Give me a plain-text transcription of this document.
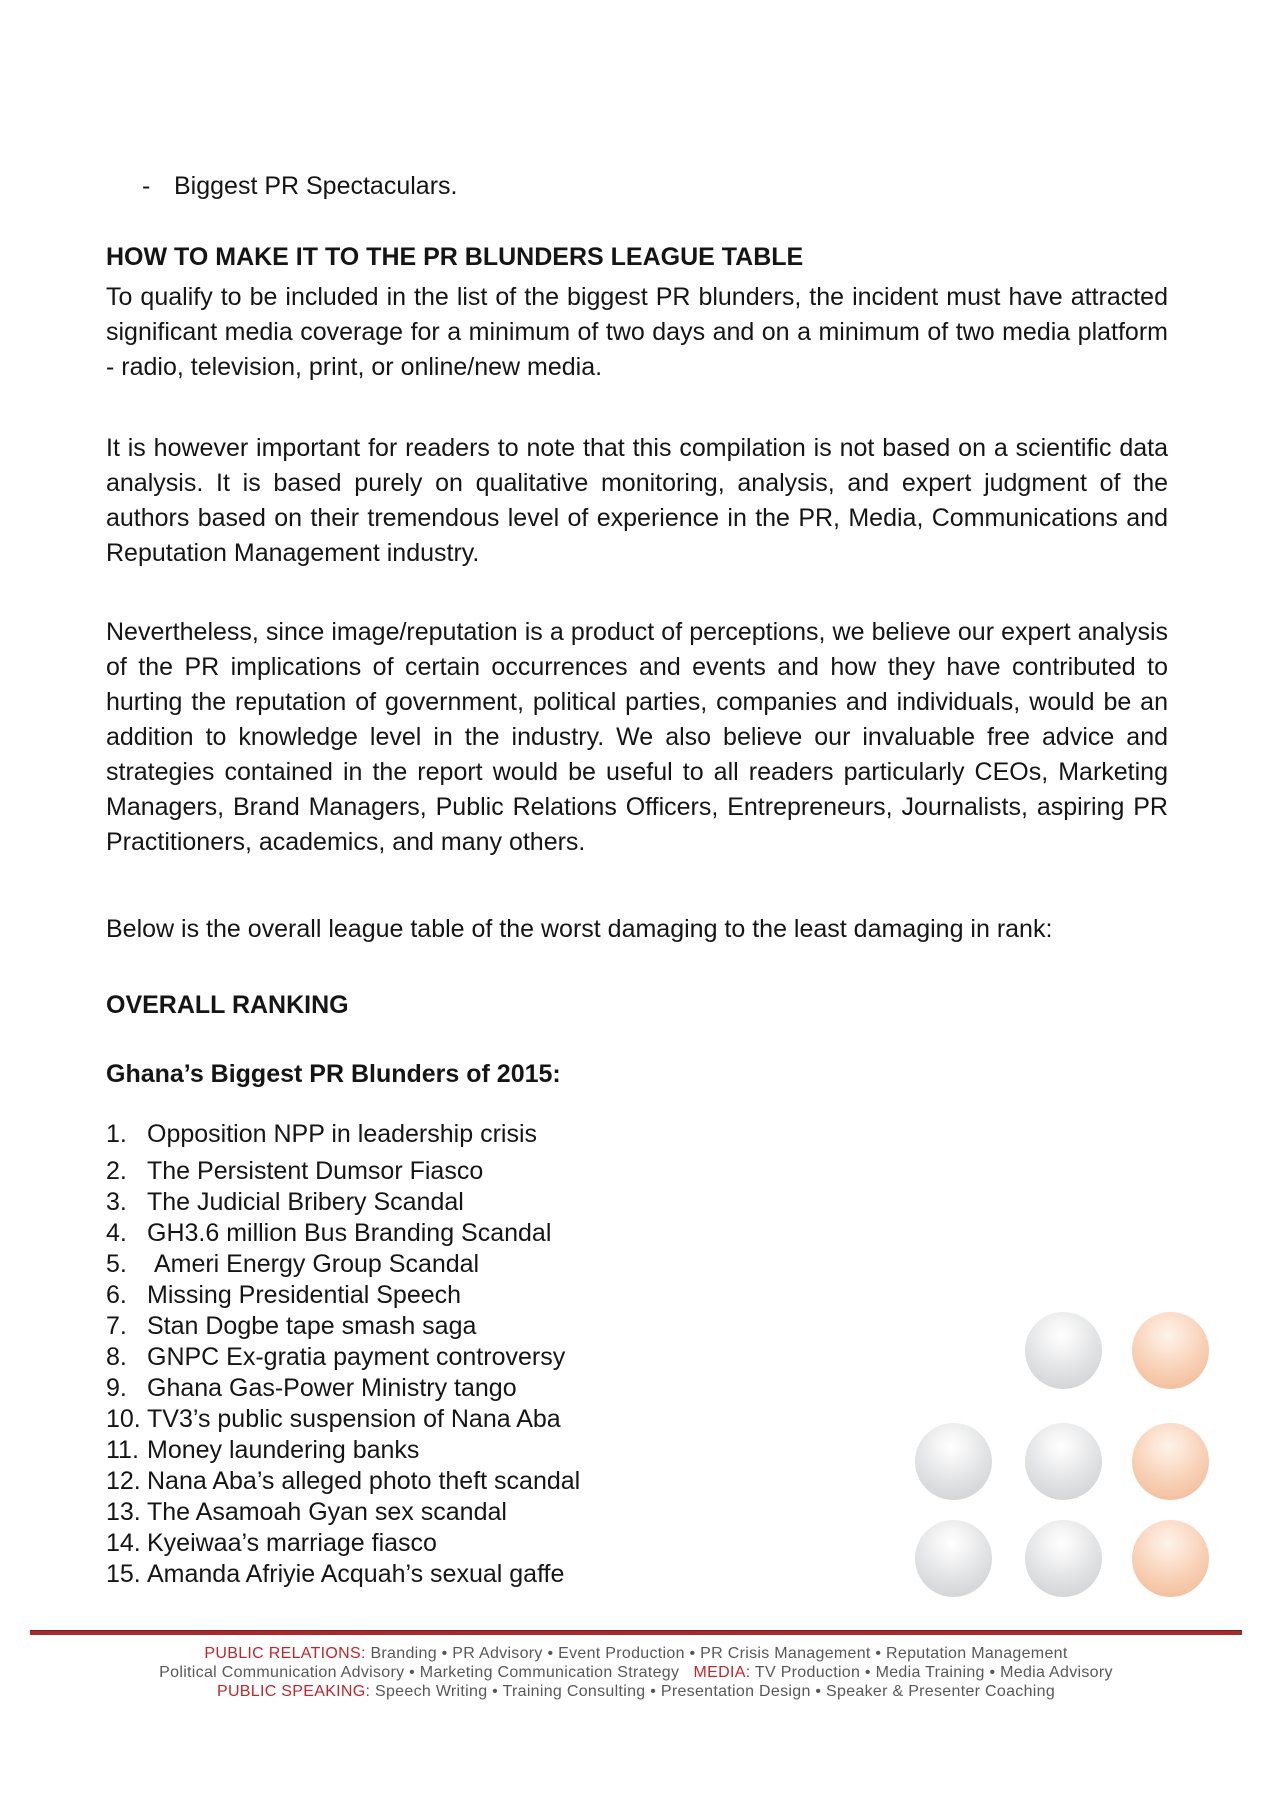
- Biggest PR Spectaculars.
HOW TO MAKE IT TO THE PR BLUNDERS LEAGUE TABLE

To qualify to be included in the list of the biggest PR blunders, the incident must have attracted significant media coverage for a minimum of two days and on a minimum of two media platform - radio, television, print, or online/new media.

It is however important for readers to note that this compilation is not based on a scientific data analysis. It is based purely on qualitative monitoring, analysis, and expert judgment of the authors based on their tremendous level of experience in the PR, Media, Communications and Reputation Management industry.

Nevertheless, since image/reputation is a product of perceptions, we believe our expert analysis of the PR implications of certain occurrences and events and how they have contributed to hurting the reputation of government, political parties, companies and individuals, would be an addition to knowledge level in the industry. We also believe our invaluable free advice and strategies contained in the report would be useful to all readers particularly CEOs, Marketing Managers, Brand Managers, Public Relations Officers, Entrepreneurs, Journalists, aspiring PR Practitioners, academics, and many others.

Below is the overall league table of the worst damaging to the least damaging in rank:

OVERALL RANKING
Ghana’s Biggest PR Blunders of 2015:
1. Opposition NPP in leadership crisis
2. The Persistent Dumsor Fiasco
3. The Judicial Bribery Scandal
4. GH3.6 million Bus Branding Scandal
5. Ameri Energy Group Scandal
6. Missing Presidential Speech
7. Stan Dogbe tape smash saga
8. GNPC Ex-gratia payment controversy
9. Ghana Gas-Power Ministry tango
10. TV3’s public suspension of Nana Aba
11. Money laundering banks
12. Nana Aba’s alleged photo theft scandal
13. The Asamoah Gyan sex scandal
14. Kyeiwaa’s marriage fiasco
15. Amanda Afriyie Acquah’s sexual gaffe
PUBLIC RELATIONS: Branding • PR Advisory • Event Production • PR Crisis Management • Reputation Management
Political Communication Advisory • Marketing Communication Strategy   MEDIA: TV Production • Media Training • Media Advisory
PUBLIC SPEAKING: Speech Writing • Training Consulting • Presentation Design • Speaker & Presenter Coaching
